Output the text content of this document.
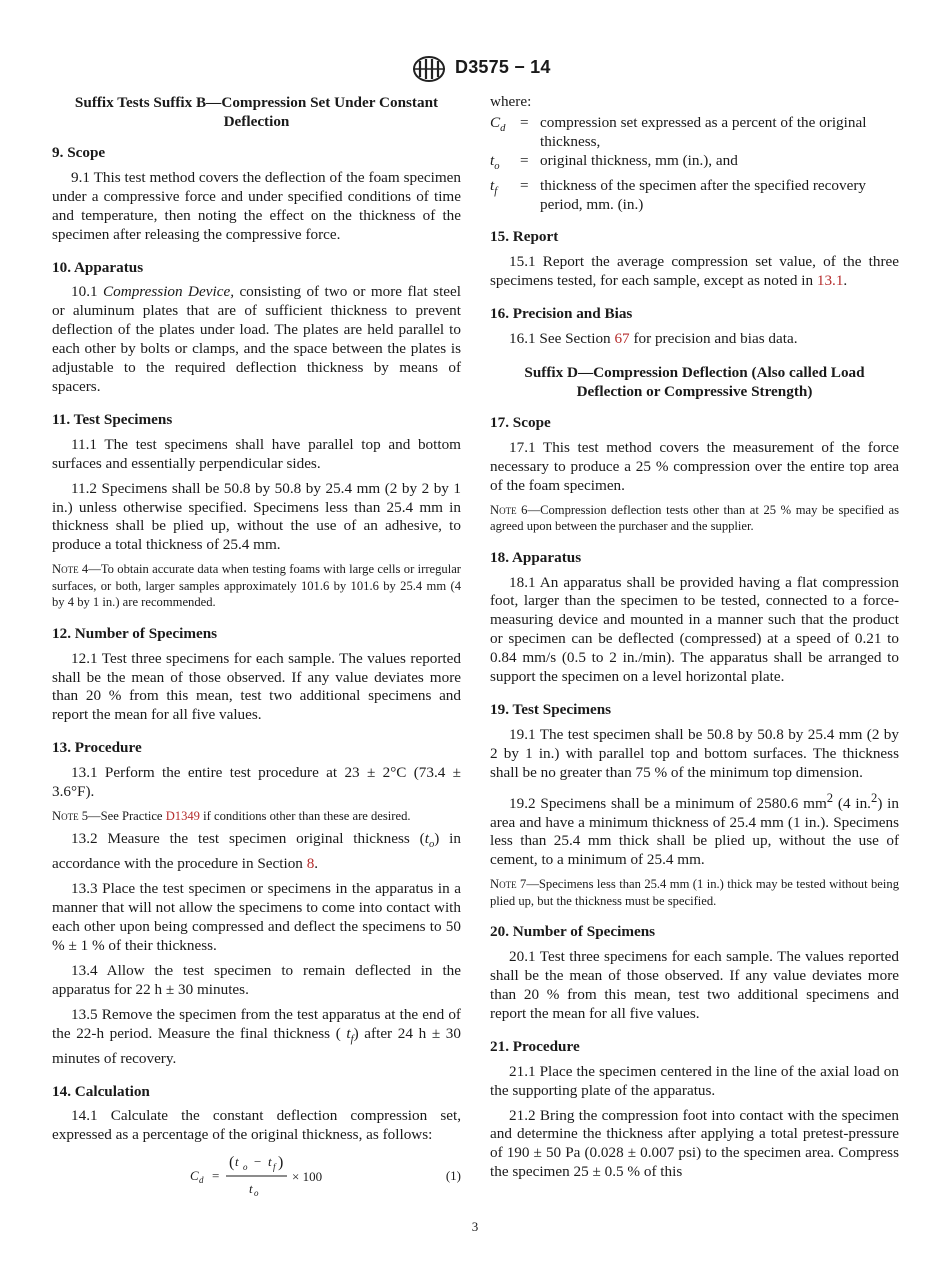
D3575 − 14
Suffix Tests Suffix B—Compression Set Under Constant Deflection
9. Scope

9.1 This test method covers the deflection of the foam specimen under a compressive force and under specified conditions of time and temperature, then noting the effect on the thickness of the specimen after releasing the compressive force.

10. Apparatus

10.1 Compression Device, consisting of two or more flat steel or aluminum plates that are of sufficient thickness to prevent deflection of the plates under load. The plates are held parallel to each other by bolts or clamps, and the space between the plates is adjustable to the required deflection thickness by means of spacers.

11. Test Specimens

11.1 The test specimens shall have parallel top and bottom surfaces and essentially perpendicular sides.

11.2 Specimens shall be 50.8 by 50.8 by 25.4 mm (2 by 2 by 1 in.) unless otherwise specified. Specimens less than 25.4 mm in thickness shall be plied up, without the use of an adhesive, to produce a total thickness of 25.4 mm.

Note 4—To obtain accurate data when testing foams with large cells or irregular surfaces, or both, larger samples approximately 101.6 by 101.6 by 25.4 mm (4 by 4 by 1 in.) are recommended.
12. Number of Specimens

12.1 Test three specimens for each sample. The values reported shall be the mean of those observed. If any value deviates more than 20 % from this mean, test two additional specimens and report the mean for all five values.

13. Procedure

13.1 Perform the entire test procedure at 23 ± 2°C (73.4 ± 3.6°F).

Note 5—See Practice D1349 if conditions other than these are desired.

13.2 Measure the test specimen original thickness $(t_o)$ in accordance with the procedure in Section 8.

13.3 Place the test specimen or specimens in the apparatus in a manner that will not allow the specimens to come into contact with each other upon being compressed and deflect the specimens to 50 % ± 1 % of their thickness.

13.4 Allow the test specimen to remain deflected in the apparatus for 22 h ± 30 minutes.

13.5 Remove the specimen from the test apparatus at the end of the 22-h period. Measure the final thickness ( $t_f$) after 24 h ± 30 minutes of recovery.

14. Calculation

14.1 Calculate the constant deflection compression set, expressed as a percentage of the original thickness, as follows:

C d =
( t o − t f )
t o
× 100	(1)
where:
$C_d$ = compression set expressed as a percent of the original thickness,
$t_o$	= original thickness, mm (in.), and
$t_f$	= thickness of the specimen after the specified recovery period, mm. (in.)
15. Report

15.1 Report the average compression set value, of the three specimens tested, for each sample, except as noted in 13.1.

16. Precision and Bias

16.1 See Section 67 for precision and bias data.

Suffix D—Compression Deflection (Also called Load Deflection or Compressive Strength)
17. Scope

17.1 This test method covers the measurement of the force necessary to produce a 25 % compression over the entire top area of the foam specimen.

Note 6—Compression deflection tests other than at 25 % may be specified as agreed upon between the purchaser and the supplier.
18. Apparatus

18.1 An apparatus shall be provided having a flat compression foot, larger than the specimen to be tested, connected to a force-measuring device and mounted in a manner such that the product or specimen can be deflected (compressed) at a speed of 0.21 to 0.84 mm/s (0.5 to 2 in./min). The apparatus shall be arranged to support the specimen on a level horizontal plate.

19. Test Specimens

19.1 The test specimen shall be 50.8 by 50.8 by 25.4 mm (2 by 2 by 1 in.) with parallel top and bottom surfaces. The thickness shall be no greater than 75 % of the minimum top dimension.

19.2 Specimens shall be a minimum of 2580.6 $mm^2$ (4 in.$^2$) in area and have a minimum thickness of 25.4 mm (1 in.). Specimens less than 25.4 mm thick shall be plied up, without the use of cement, to a minimum of 25.4 mm.

Note 7—Specimens less than 25.4 mm (1 in.) thick may be tested without being plied up, but the thickness must be specified.
20. Number of Specimens

20.1 Test three specimens for each sample. The values reported shall be the mean of those observed. If any value deviates more than 20 % from this mean, test two additional specimens and report the mean for all five values.

21. Procedure

21.1 Place the specimen centered in the line of the axial load on the supporting plate of the apparatus.

21.2 Bring the compression foot into contact with the specimen and determine the thickness after applying a total pretest-pressure of 190 ± 50 Pa (0.028 ± 0.007 psi) to the specimen area. Compress the specimen 25 ± 0.5 % of this

3
